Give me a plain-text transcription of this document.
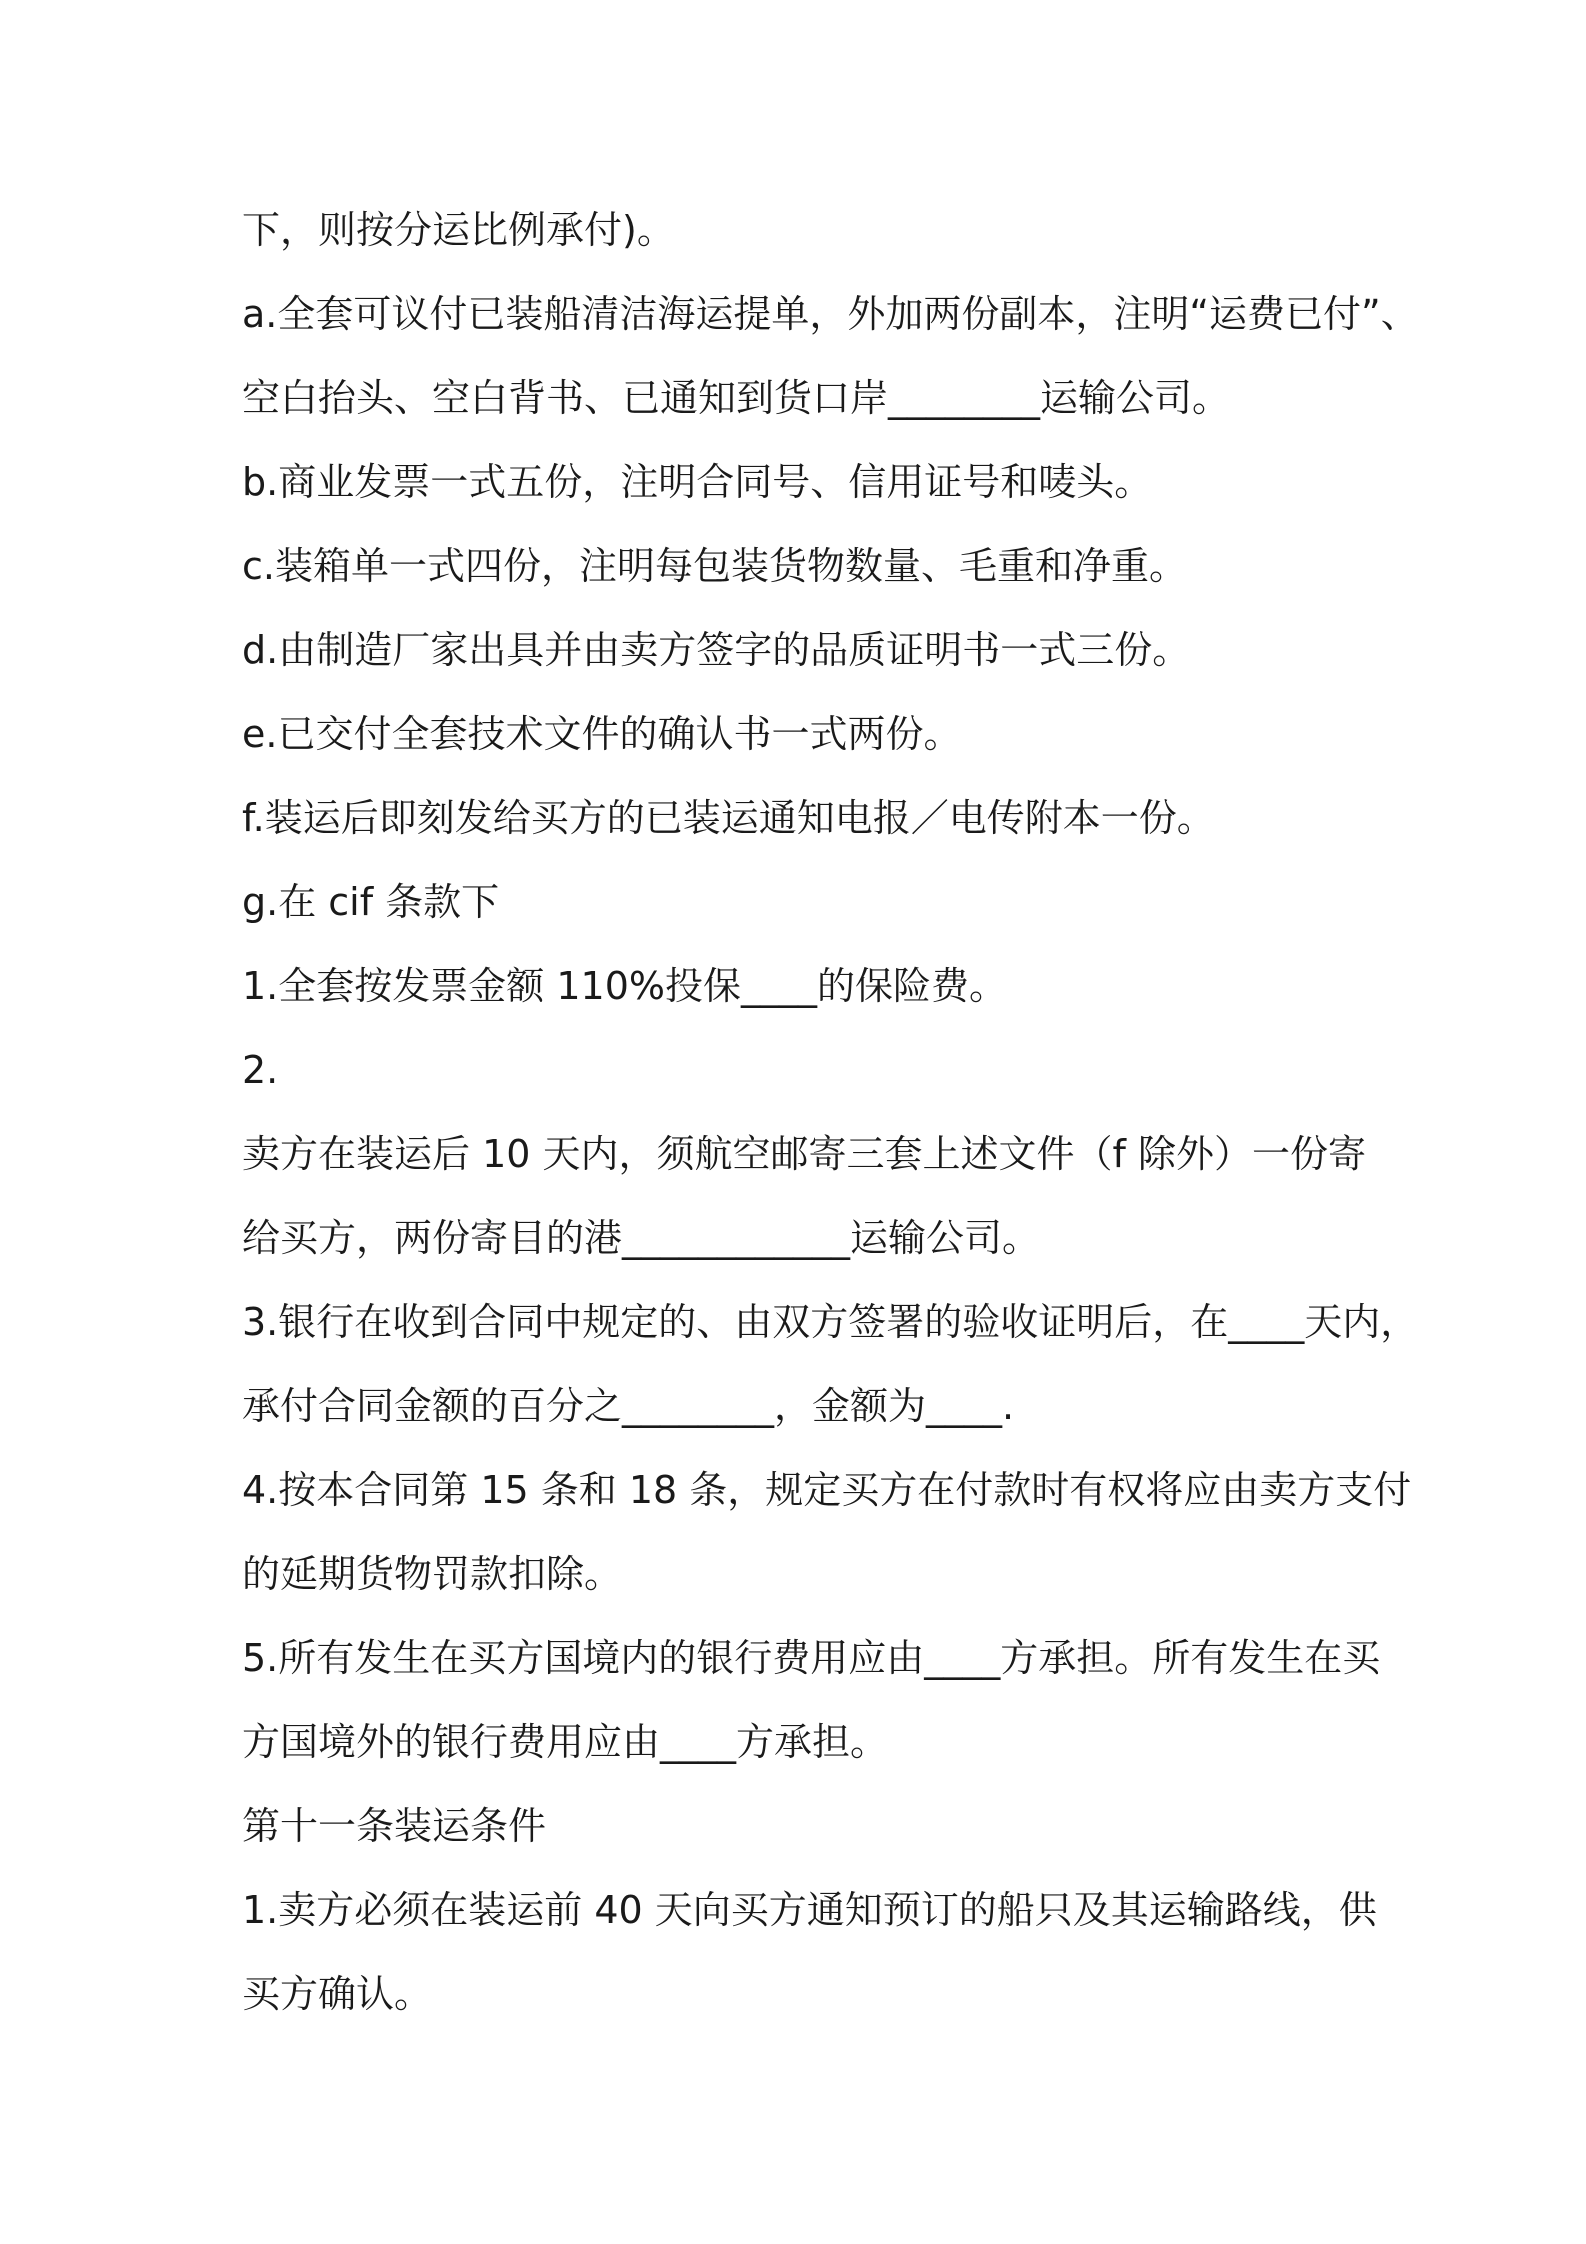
下，则按分运比例承付)。
a.全套可议付已装船清洁海运提单，外加两份副本，注明“运费已付”、
空白抬头、空白背书、已通知到货口岸________运输公司。
b.商业发票一式五份，注明合同号、信用证号和唛头。
c.装箱单一式四份，注明每包装货物数量、毛重和净重。
d.由制造厂家出具并由卖方签字的品质证明书一式三份。
e.已交付全套技术文件的确认书一式两份。
f.装运后即刻发给买方的已装运通知电报／电传附本一份。
g.在 cif 条款下
1.全套按发票金额 110%投保____的保险费。
2.
卖方在装运后 10 天内，须航空邮寄三套上述文件（f 除外）一份寄
给买方，两份寄目的港____________运输公司。
3.银行在收到合同中规定的、由双方签署的验收证明后，在____天内，
承付合同金额的百分之________，金额为____.
4.按本合同第 15 条和 18 条，规定买方在付款时有权将应由卖方支付
的延期货物罚款扣除。
5.所有发生在买方国境内的银行费用应由____方承担。所有发生在买
方国境外的银行费用应由____方承担。
第十一条装运条件
1.卖方必须在装运前 40 天向买方通知预订的船只及其运输路线，供
买方确认。
